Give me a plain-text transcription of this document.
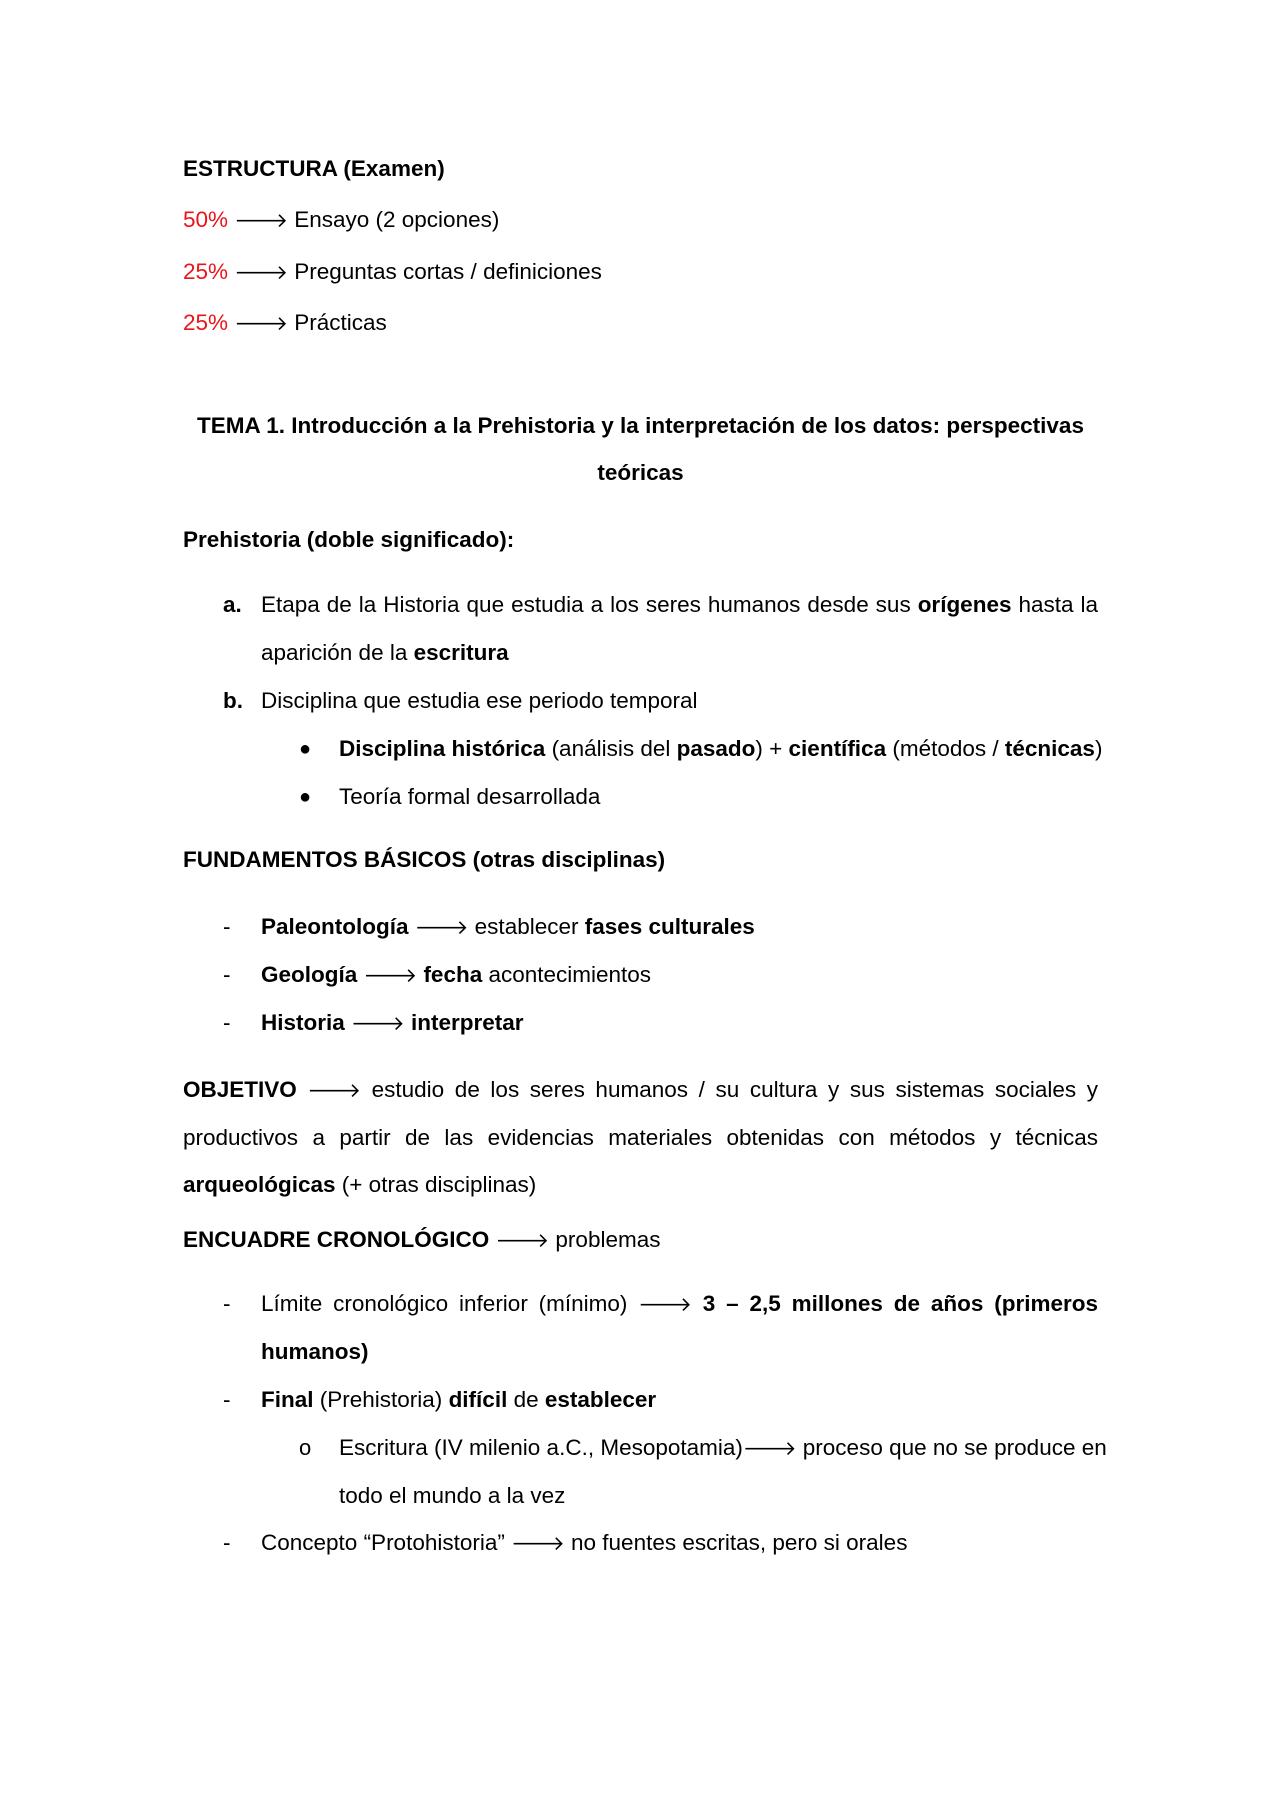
ESTRUCTURA (Examen)
50% 🡒 Ensayo (2 opciones)
25% 🡒 Preguntas cortas / definiciones
25% 🡒 Prácticas
TEMA 1. Introducción a la Prehistoria y la interpretación de los datos: perspectivas
teóricas
Prehistoria (doble significado):
a. Etapa de la Historia que estudia a los seres humanos desde sus orígenes hasta la
aparición de la escritura
b. Disciplina que estudia ese periodo temporal
● Disciplina histórica (análisis del pasado) + científica (métodos / técnicas)
● Teoría formal desarrollada
FUNDAMENTOS BÁSICOS (otras disciplinas)
- Paleontología 🡒 establecer fases culturales
- Geología 🡒 fecha acontecimientos
- Historia 🡒 interpretar
OBJETIVO 🡒 estudio de los seres humanos / su cultura y sus sistemas sociales y
productivos a partir de las evidencias materiales obtenidas con métodos y técnicas
arqueológicas (+ otras disciplinas)
ENCUADRE CRONOLÓGICO 🡒 problemas
- Límite cronológico inferior (mínimo) 🡒 3 – 2,5 millones de años (primeros
humanos)
- Final (Prehistoria) difícil de establecer
o Escritura (IV milenio a.C., Mesopotamia)🡒 proceso que no se produce en
todo el mundo a la vez
- Concepto “Protohistoria” 🡒 no fuentes escritas, pero si orales
